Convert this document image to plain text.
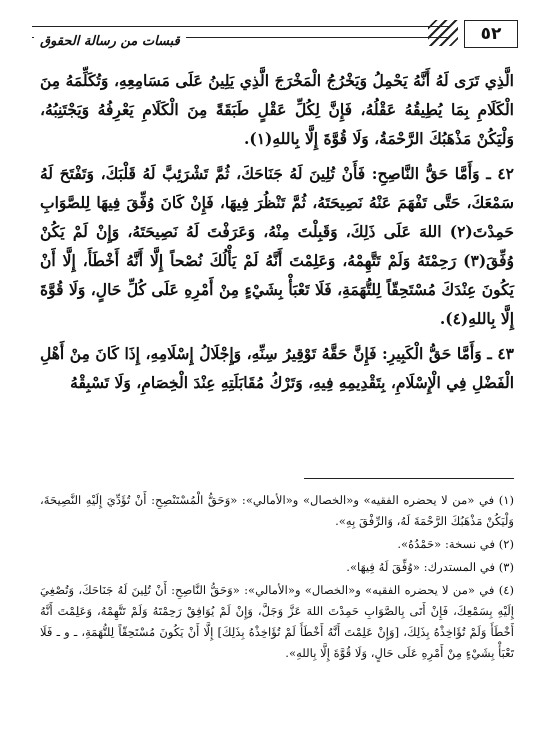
٥٢
قبسات من رسالة الحقوق

الَّذِي تَرَى لَهُ أَنَّهُ يَحْمِلُ وَيَخْرُجُ الْمَخْرَجَ الَّذِي يَلِينُ عَلَى مَسَامِعِهِ، وَتُكَلِّمَهُ مِنَ الْكَلَامِ بِمَا يُطِيقُهُ عَقْلُهُ، فَإِنَّ لِكُلِّ عَقْلٍ طَبَقَةً مِنَ الْكَلَامِ يَعْرِفُهُ وَيَجْتَنِبُهُ، وَلْيَكُنْ مَذْهَبُكَ الرَّحْمَةُ، وَلَا قُوَّةَ إِلَّا بِاللهِ(١).

٤٢ ـ وَأَمَّا حَقُّ النَّاصِحِ: فَأَنْ تُلِينَ لَهُ جَنَاحَكَ، ثُمَّ تَشْرَئِبَّ لَهُ قَلْبَكَ، وَتَفْتَحَ لَهُ سَمْعَكَ، حَتَّى تَفْهَمَ عَنْهُ نَصِيحَتَهُ، ثُمَّ تَنْظُرَ فِيهَا، فَإِنْ كَانَ وُفِّقَ فِيهَا لِلصَّوَابِ حَمِدْتَ(٢) اللهَ عَلَى ذَلِكَ، وَقَبِلْتَ مِنْهُ، وَعَرَفْتَ لَهُ نَصِيحَتَهُ، وَإِنْ لَمْ يَكُنْ وُفِّقَ(٣) رَحِمْتَهُ وَلَمْ تَتَّهِمْهُ، وَعَلِمْتَ أَنَّهُ لَمْ يَأْلُكَ نُصْحاً إِلَّا أَنَّهُ أَخْطَأَ، إِلَّا أَنْ يَكُونَ عِنْدَكَ مُسْتَحِقّاً لِلتُّهَمَةِ، فَلَا تَعْبَأْ بِشَيْءٍ مِنْ أَمْرِهِ عَلَى كُلِّ حَالٍ، وَلَا قُوَّةَ إِلَّا بِاللهِ(٤).

٤٣ ـ وَأَمَّا حَقُّ الْكَبِيرِ: فَإِنَّ حَقَّهُ تَوْقِيرُ سِنِّهِ، وَإِجْلَالُ إِسْلَامِهِ، إِذَا كَانَ مِنْ أَهْلِ الْفَضْلِ فِي الْإِسْلَامِ، بِتَقْدِيمِهِ فِيهِ، وَتَرْكُ مُقَابَلَتِهِ عِنْدَ الْخِصَامِ، وَلَا تَسْبِقْهُ

(١) في «من لا يحضره الفقيه» و«الخصال» و«الأمالي»: «وَحَقُّ الْمُسْتَنْصِحِ: أَنْ تُؤَدِّيَ إِلَيْهِ النَّصِيحَةَ، وَلْيَكُنْ مَذْهَبُكَ الرَّحْمَةَ لَهُ، وَالرِّفْقَ بِهِ».

(٢) في نسخة: «حَمْدُهُ».

(٣) في المستدرك: «وُفِّقَ لَهُ فِيهَا».

(٤) في «من لا يحضره الفقيه» و«الخصال» و«الأمالي»: «وَحَقُّ النَّاصِحِ: أَنْ تُلِينَ لَهُ جَنَاحَكَ، وَتُصْغِيَ إِلَيْهِ بِسَمْعِكَ، فَإِنْ أَتَى بِالصَّوَابِ حَمِدْتَ اللهَ عَزَّ وَجَلَّ، وَإِنْ لَمْ يُوَافِقْ رَحِمْتَهُ وَلَمْ تَتَّهِمْهُ، وَعَلِمْتَ أَنَّهُ أَخْطَأَ وَلَمْ تُؤَاخِذْهُ بِذَلِكَ، [وَإِنْ عَلِمْتَ أَنَّهُ أَخْطَأَ لَمْ تُؤَاخِذْهُ بِذَلِكَ] إِلَّا أَنْ يَكُونَ مُسْتَحِقّاً لِلتُّهَمَةِ، ـ و ـ فَلَا تَعْبَأْ بِشَيْءٍ مِنْ أَمْرِهِ عَلَى حَالٍ، وَلَا قُوَّةَ إِلَّا بِاللهِ».
